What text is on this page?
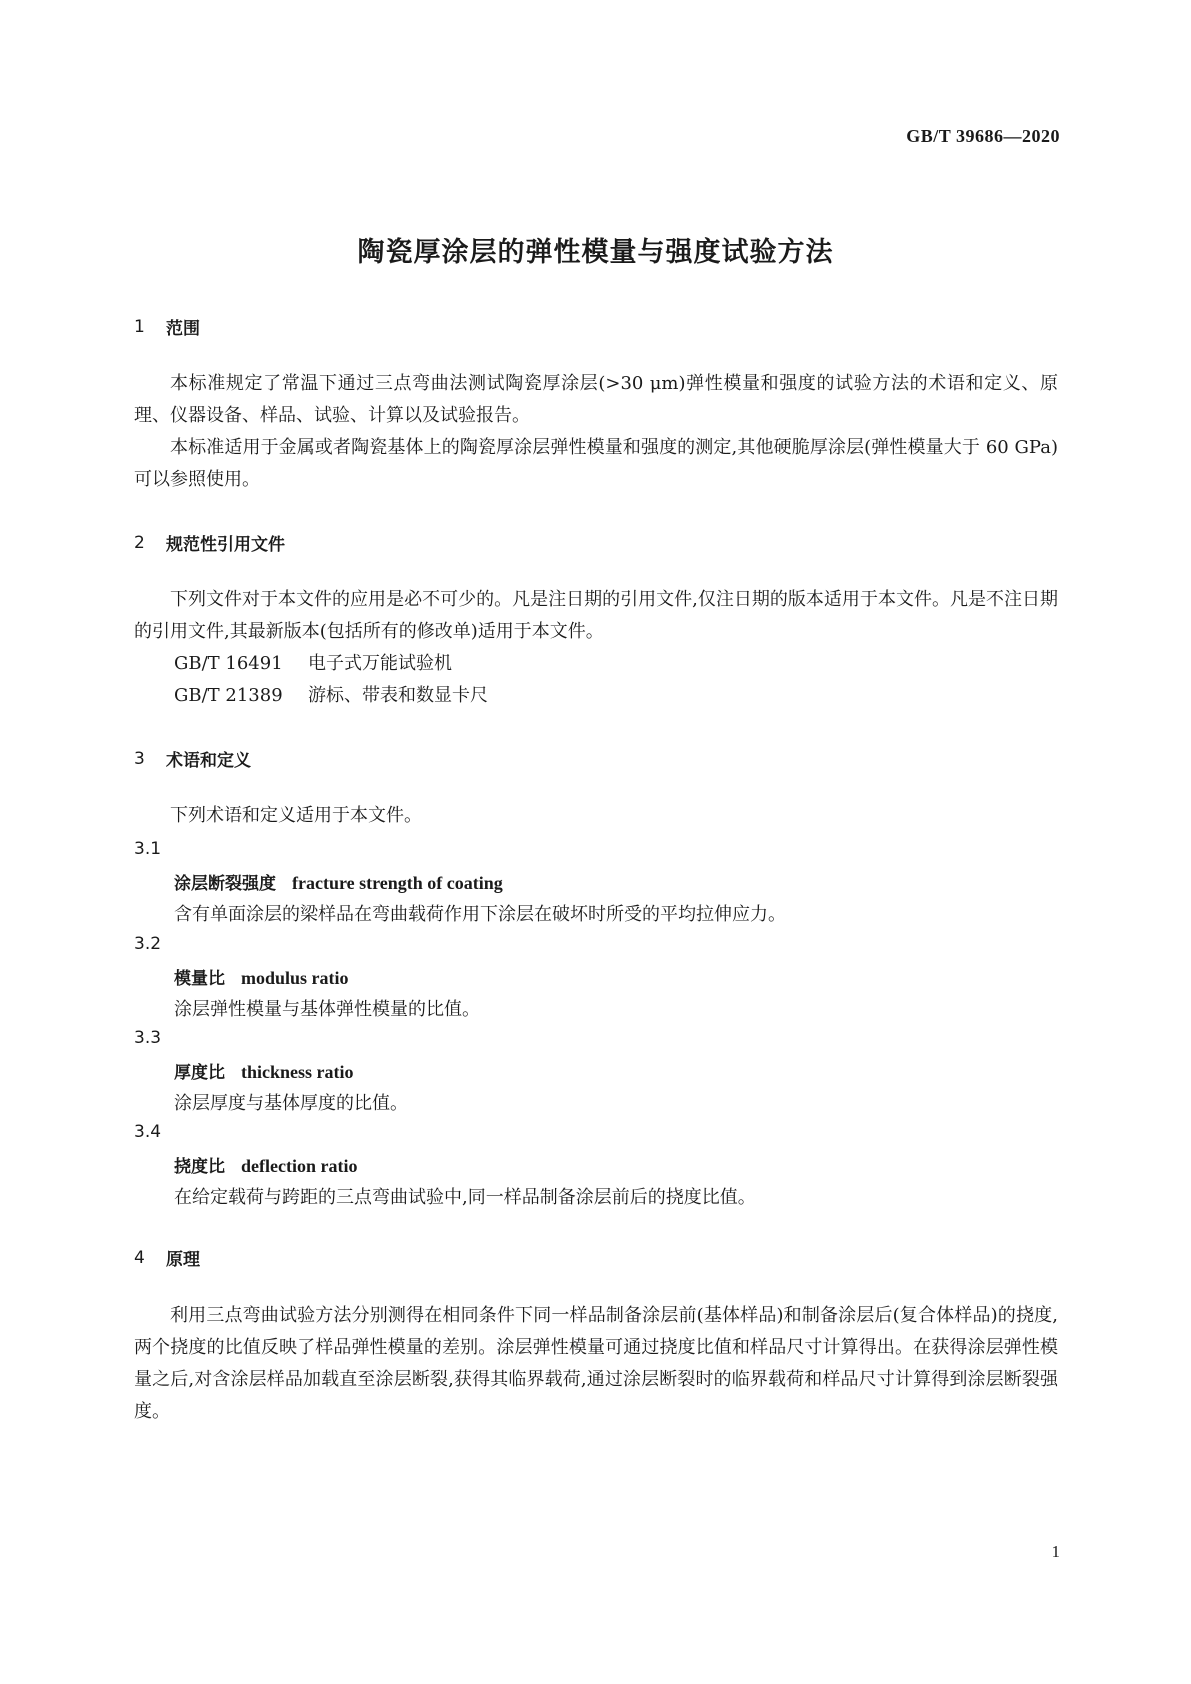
GB/T 39686—2020
陶瓷厚涂层的弹性模量与强度试验方法
1	范围

本标准规定了常温下通过三点弯曲法测试陶瓷厚涂层(>30 μm)弹性模量和强度的试验方法的术语和定义、原理、仪器设备、样品、试验、计算以及试验报告。

本标准适用于金属或者陶瓷基体上的陶瓷厚涂层弹性模量和强度的测定,其他硬脆厚涂层(弹性模量大于 60 GPa)可以参照使用。

2	规范性引用文件

下列文件对于本文件的应用是必不可少的。凡是注日期的引用文件,仅注日期的版本适用于本文件。凡是不注日期的引用文件,其最新版本(包括所有的修改单)适用于本文件。

GB/T 16491 电子式万能试验机
GB/T 21389 游标、带表和数显卡尺
3	术语和定义

下列术语和定义适用于本文件。

3.1
涂层断裂强度 fracture strength of coating
含有单面涂层的梁样品在弯曲载荷作用下涂层在破坏时所受的平均拉伸应力。
3.2
模量比 modulus ratio
涂层弹性模量与基体弹性模量的比值。
3.3
厚度比 thickness ratio
涂层厚度与基体厚度的比值。
3.4
挠度比 deflection ratio
在给定载荷与跨距的三点弯曲试验中,同一样品制备涂层前后的挠度比值。
4	原理

利用三点弯曲试验方法分别测得在相同条件下同一样品制备涂层前(基体样品)和制备涂层后(复合体样品)的挠度,两个挠度的比值反映了样品弹性模量的差别。涂层弹性模量可通过挠度比值和样品尺寸计算得出。在获得涂层弹性模量之后,对含涂层样品加载直至涂层断裂,获得其临界载荷,通过涂层断裂时的临界载荷和样品尺寸计算得到涂层断裂强度。

1
